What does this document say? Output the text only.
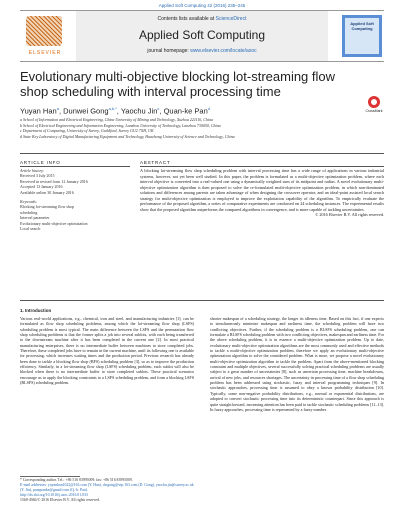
Applied Soft Computing 42 (2016) 235–245
ELSEVIER
Contents lists available at ScienceDirect
Applied Soft Computing
journal homepage: www.elsevier.com/locate/asoc
Applied Soft Computing
Evolutionary multi-objective blocking lot-streaming flow shop scheduling with interval processing time
CrossMark
Yuyan Han$^a$, Dunwei Gong$^{a,b,*}$, Yaochu Jin$^c$, Quan-ke Pan$^d$
a School of Information and Electrical Engineering, China University of Mining and Technology, Xuzhou 221116, China
b School of Electrical Engineering and Information Engineering, Lanzhou University of Technology, Lanzhou 730050, China
c Department of Computing, University of Surrey, Guildford, Surrey GU2 7XH, UK
d State Key Laboratory of Digital Manufacturing Equipment and Technology, Huazhong University of Science and Technology, China
ARTICLE INFO	ABSTRACT
Article history:
Received 3 July 2015
Received in revised form 12 January 2016
Accepted 13 January 2016
Available online 30 January 2016
Keywords:
Blocking lot-streaming flow shop
scheduling
Interval parameter
Evolutionary multi-objective optimization
Local search
A blocking lot-streaming flow shop scheduling problem with interval processing time has a wide range of applications in various industrial systems, however, not yet been well studied. In this paper, the problem is formulated as a multi-objective optimization problem, where each interval objective is converted into a real-valued one using a dynamically weighted sum of its midpoint and radius. A novel evolutionary multi-objective optimization algorithm is then proposed to solve the re-formulated multi-objective optimization problem, in which non-dominated solutions and differences among parents are taken advantage of when designing the crossover operator, and an ideal-point assisted local search strategy for multi-objective optimization is employed to improve the exploitation capability of the algorithm. To empirically evaluate the performance of the proposed algorithm, a series of comparative experiments are conducted on 24 scheduling instances. The experimental results show that the proposed algorithm outperforms the compared algorithms in convergence, and is more capable of tackling uncertainties.
© 2016 Elsevier B.V. All rights reserved.
1. Introduction
Various real-world applications, e.g., chemical, iron and steel, and manufacturing industries [1], can be formulated as flow shop scheduling problems, among which the lot-streaming flow shop (LSFS) scheduling problem is most typical. The main difference between the LSFS and the permutation flow shop scheduling problems is that the former splits a job into several sublots, with each being transferred to the downstream machine after it has been completed in the current one [2]. In most practical manufacturing enterprises, there is no intermediate buffer between machines to store completed jobs. Therefore, these completed jobs have to remain in the current machine, until its following one is available for processing, which increases waiting times and the production period. Previous research has already been done to tackle a blocking flow shop (BFS) scheduling problem [3], so as to improve the production efficiency. Similarly, in a lot-streaming flow shop (LSFS) scheduling problem, each sublot will also be blocked when there is no intermediate buffer to store completed sublots. These practical scenarios encourage us to apply the blocking constraints to a LSFS scheduling problem, and form a blocking LSFS (BLSFS) scheduling problem.
shorter makespan of a scheduling strategy, the longer its idleness time. Based on this fact, if one expects to simultaneously minimize makespan and earliness time, the scheduling problem will have two conflicting objectives. Further, if the scheduling problem is a BLSFS scheduling problem, one can formulate a BLSFS scheduling problem with two conflicting objectives, makespan and earliness time. For the above scheduling problem, it is in essence a multi-objective optimization problem. Up to date, evolutionary multi-objective optimization algorithms are the most commonly used and effective methods to tackle a multi-objective optimization problem, therefore we apply an evolutionary multi-objective optimization algorithm to solve the considered problem. What is more, we propose a novel evolutionary multi-objective optimization algorithm to tackle the problem. Apart from the above-mentioned blocking constraint and multiple objectives, several successfully solving practical scheduling problems are usually subject to a great number of uncertainties [8], such as uncertain processing time, machine breakdowns, arrival of new jobs, and resources shortages. The uncertainty in processing time of a flow shop scheduling problem has been addressed using stochastic, fuzzy and interval programming techniques [9]. In stochastic approaches, processing time is assumed to obey a known probability distribution [10]. Typically, some non-negative probability distributions, e.g., normal or exponential distributions, are adopted to convert stochastic processing time into its deterministic counterpart. Since this approach is quite straightforward, increasing attention has been paid to tackle stochastic scheduling problems [11–13]. In fuzzy approaches, processing time is represented by a fuzzy number.
* Corresponding author. Tel.: +86 516 83995009; fax: +86 516 83995009.
E-mail addresses: yuyanhan1022@163.com (Y. Han), dwgong@vip.163.com (D. Gong), yaochu.jin@surrey.ac.uk (Y. Jin), panquanke@gmail.com (Q.-k. Pan).
http://dx.doi.org/10.1016/j.asoc.2016.01.033
1568-4946/© 2016 Elsevier B.V. All rights reserved.
